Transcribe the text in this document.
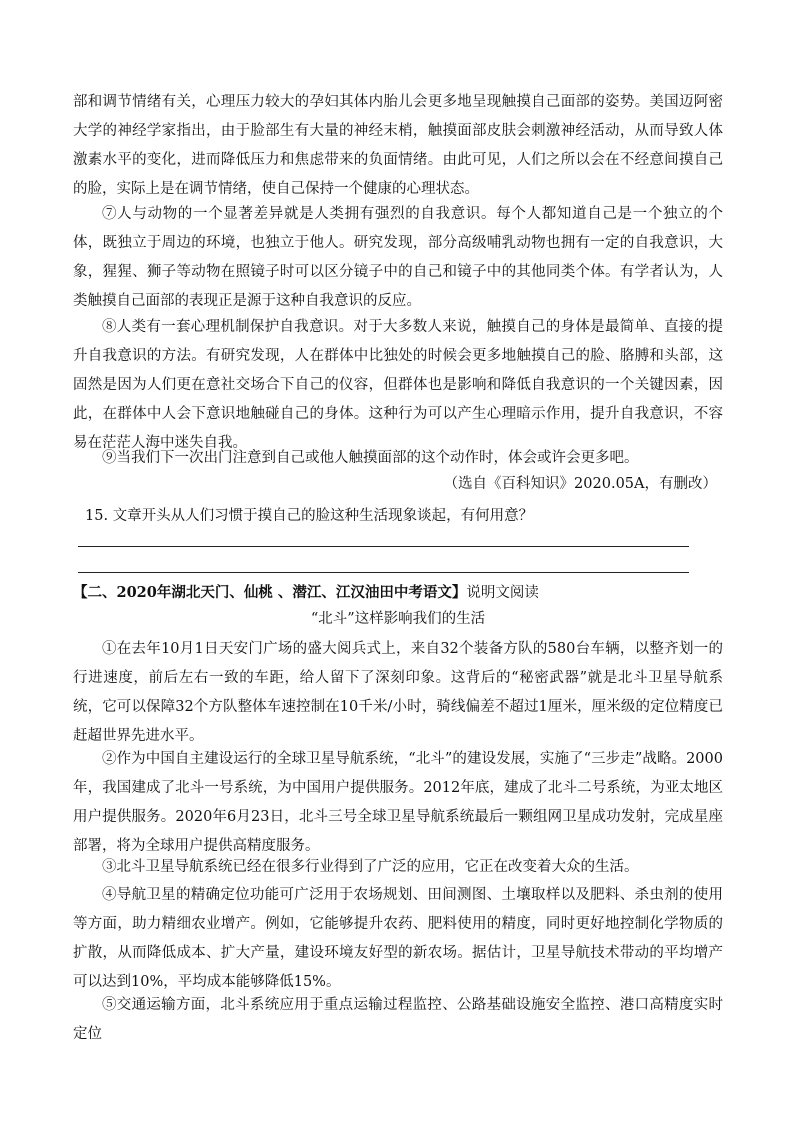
部和调节情绪有关，心理压力较大的孕妇其体内胎儿会更多地呈现触摸自己面部的姿势。美国迈阿密大学的神经学家指出，由于脸部生有大量的神经末梢，触摸面部皮肤会刺激神经活动，从而导致人体激素水平的变化，进而降低压力和焦虑带来的负面情绪。由此可见，人们之所以会在不经意间摸自己的脸，实际上是在调节情绪，使自己保持一个健康的心理状态。

⑦人与动物的一个显著差异就是人类拥有强烈的自我意识。每个人都知道自己是一个独立的个体，既独立于周边的环境，也独立于他人。研究发现，部分高级哺乳动物也拥有一定的自我意识，大象，猩猩、狮子等动物在照镜子时可以区分镜子中的自己和镜子中的其他同类个体。有学者认为，人类触摸自己面部的表现正是源于这种自我意识的反应。

⑧人类有一套心理机制保护自我意识。对于大多数人来说，触摸自己的身体是最简单、直接的提升自我意识的方法。有研究发现，人在群体中比独处的时候会更多地触摸自己的脸、胳膊和头部，这固然是因为人们更在意社交场合下自己的仪容，但群体也是影响和降低自我意识的一个关键因素，因此，在群体中人会下意识地触碰自己的身体。这种行为可以产生心理暗示作用，提升自我意识，不容易在茫茫人海中迷失自我。

⑨当我们下一次出门注意到自己或他人触摸面部的这个动作时，体会或许会更多吧。

（选自《百科知识》2020.05A，有删改）

15. 文章开头从人们习惯于摸自己的脸这种生活现象谈起，有何用意？

【二、2020年湖北天门、仙桃 、潜江、江汉油田中考语文】说明文阅读

“北斗”这样影响我们的生活

①在去年10月1日天安门广场的盛大阅兵式上，来自32个装备方队的580台车辆，以整齐划一的行进速度，前后左右一致的车距，给人留下了深刻印象。这背后的“秘密武器”就是北斗卫星导航系统，它可以保障32个方队整体车速控制在10千米/小时，骑线偏差不超过1厘米，厘米级的定位精度已赶超世界先进水平。

②作为中国自主建设运行的全球卫星导航系统，“北斗”的建设发展，实施了“三步走”战略。2000年，我国建成了北斗一号系统，为中国用户提供服务。2012年底，建成了北斗二号系统，为亚太地区用户提供服务。2020年6月23日，北斗三号全球卫星导航系统最后一颗组网卫星成功发射，完成星座部署，将为全球用户提供高精度服务。

③北斗卫星导航系统已经在很多行业得到了广泛的应用，它正在改变着大众的生活。

④导航卫星的精确定位功能可广泛用于农场规划、田间测图、土壤取样以及肥料、杀虫剂的使用等方面，助力精细农业增产。例如，它能够提升农药、肥料使用的精度，同时更好地控制化学物质的扩散，从而降低成本、扩大产量，建设环境友好型的新农场。据估计，卫星导航技术带动的平均增产可以达到10%，平均成本能够降低15%。

⑤交通运输方面，北斗系统应用于重点运输过程监控、公路基础设施安全监控、港口高精度实时定位
